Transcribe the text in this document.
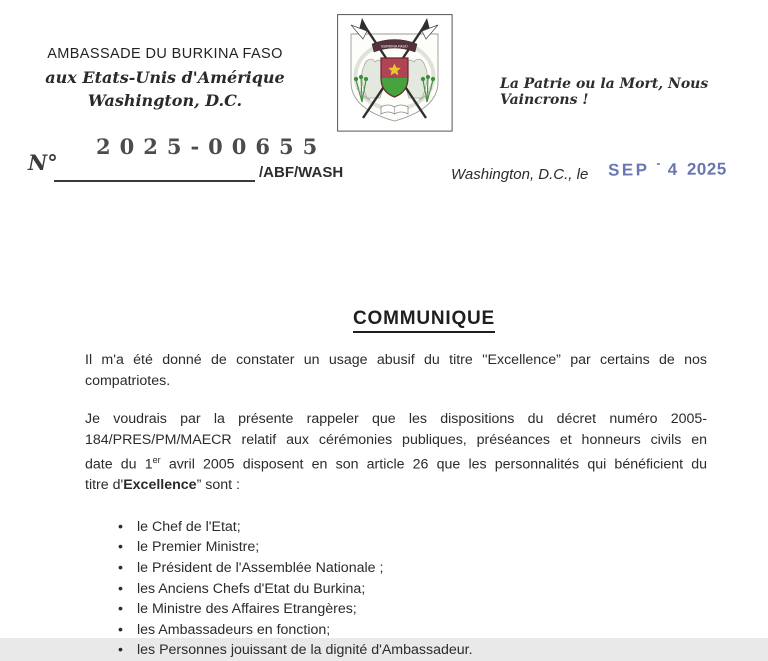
AMBASSADE DU BURKINA FASO
aux Etats-Unis d'Amérique
Washington, D.C.
BURKINA FASO
La Patrie ou la Mort, Nous Vaincrons !
2025-00655
N°	/ABF/WASH	Washington, D.C., le SEP - 4 2025
COMMUNIQUE
Il m'a été donné de constater un usage abusif du titre ''Excellence” par certains de nos
compatriotes.
Je voudrais par la présente rappeler que les dispositions du décret numéro 2005-
184/PRES/PM/MAECR relatif aux cérémonies publiques, préséances et honneurs civils en
date du 1er avril 2005 disposent en son article 26 que les personnalités qui bénéficient du
titre d'Excellence” sont :
•
le Chef de l'Etat;
•
le Premier Ministre;
•
le Président de l'Assemblée Nationale ;
•
les Anciens Chefs d'Etat du Burkina;
•
le Ministre des Affaires Etrangères;
•
les Ambassadeurs en fonction;
•
les Personnes jouissant de la dignité d'Ambassadeur.
